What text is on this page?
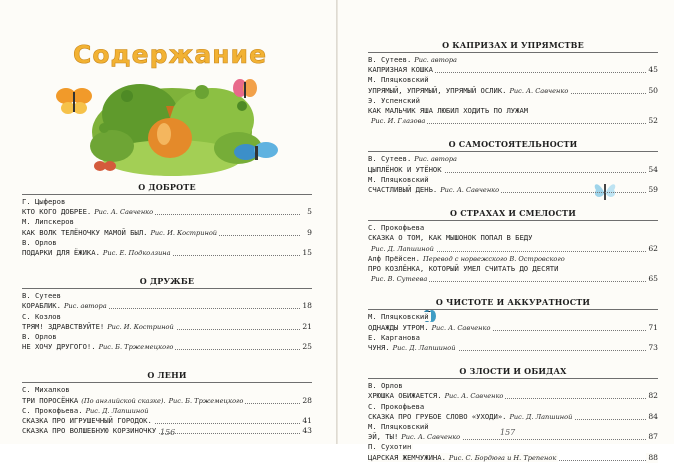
Содержание
О ДОБРОТЕ
Г. Цыферов
КТО КОГО ДОБРЕЕ. Рис. А. Савченко	5
М. Липскеров
КАК ВОЛК ТЕЛЁНОЧКУ МАМОЙ БЫЛ. Рис. И. Костриной	9
В. Орлов
ПОДАРКИ ДЛЯ ЁЖИКА. Рис. Е. Подколзина	15
О ДРУЖБЕ
В. Сутеев
КОРАБЛИК. Рис. автора	18
С. Козлов
ТРЯМ! ЗДРАВСТВУЙТЕ! Рис. И. Костриной	21
В. Орлов
НЕ ХОЧУ ДРУГОГО!. Рис. Б. Тржемецкого	25
О ЛЕНИ
С. Михалков
ТРИ ПОРОСЁНКА (По английской сказке). Рис. Б. Тржемецкого	28
С. Прокофьева. Рис. Д. Лапшиной
СКАЗКА ПРО ИГРУШЕЧНЫЙ ГОРОДОК.	41
СКАЗКА ПРО ВОЛШЕБНУЮ КОРЗИНОЧКУ	43
О КАПРИЗАХ И УПРЯМСТВЕ
В. Сутеев. Рис. автора
КАПРИЗНАЯ КОШКА	45
М. Пляцковский
УПРЯМЫЙ, УПРЯМЫЙ, УПРЯМЫЙ ОСЛИК. Рис. А. Савченко	50
Э. Успенский
КАК МАЛЬЧИК ЯША ЛЮБИЛ ХОДИТЬ ПО ЛУЖАМ
Рис. И. Глазова	52
О САМОСТОЯТЕЛЬНОСТИ
В. Сутеев. Рис. автора
ЦЫПЛЁНОК И УТЁНОК	54
М. Пляцковский
СЧАСТЛИВЫЙ ДЕНЬ. Рис. А. Савченко	59
О СТРАХАХ И СМЕЛОСТИ
С. Прокофьева
СКАЗКА О ТОМ, КАК МЫШОНОК ПОПАЛ В БЕДУ
Рис. Д. Лапшиной	62
Алф Прёйсен. Перевод с норвежского В. Островского
ПРО КОЗЛЁНКА, КОТОРЫЙ УМЕЛ СЧИТАТЬ ДО ДЕСЯТИ
Рис. В. Сутеева	65
О ЧИСТОТЕ И АККУРАТНОСТИ
М. Пляцковский
ОДНАЖДЫ УТРОМ. Рис. А. Савченко	71
Е. Карганова
ЧУНЯ. Рис. Д. Лапшиной	73
О ЗЛОСТИ И ОБИДАХ
В. Орлов
ХРЮШКА ОБИЖАЕТСЯ. Рис. А. Савченко	82
С. Прокофьева
СКАЗКА ПРО ГРУБОЕ СЛОВО «УХОДИ». Рис. Д. Лапшиной	84
М. Пляцковский
ЭЙ, ТЫ! Рис. А. Савченко	87
П. Сухотин
ЦАРСКАЯ ЖЕМЧУЖИНА. Рис. С. Бордюга и Н. Трепенок	88
156	157
